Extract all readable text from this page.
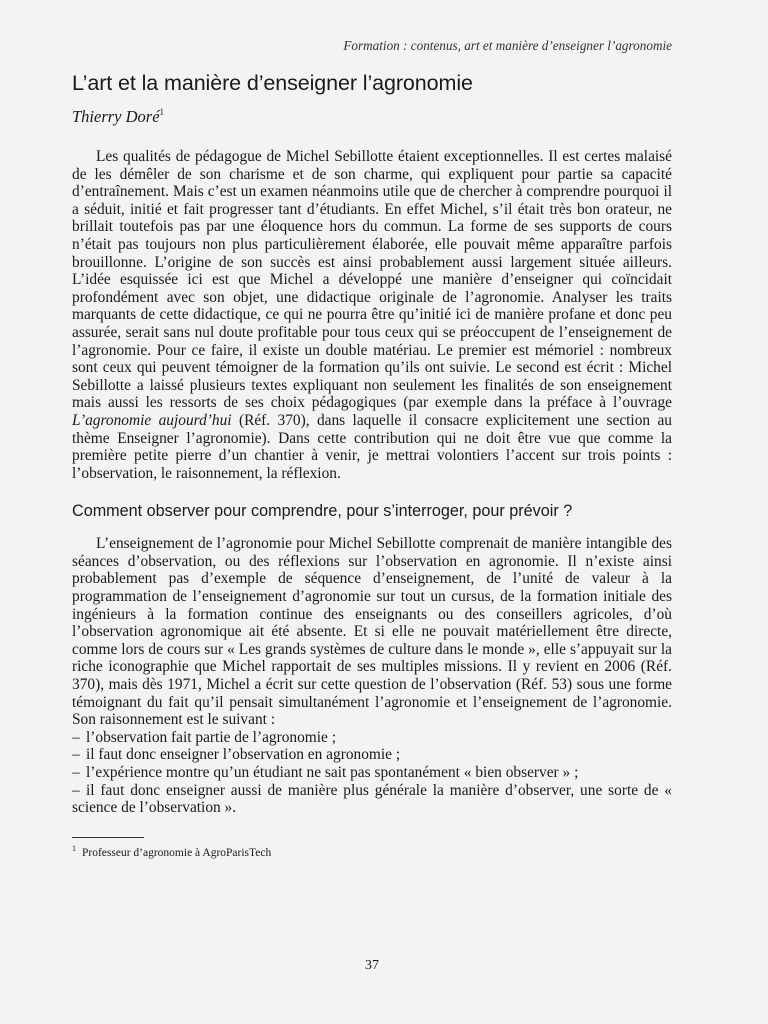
Formation : contenus, art et manière d’enseigner l’agronomie

L’art et la manière d’enseigner l’agronomie

Thierry Doré$^1$

Les qualités de pédagogue de Michel Sebillotte étaient exceptionnelles. Il est certes malaisé de les démêler de son charisme et de son charme, qui expliquent pour partie sa capacité d’entraînement. Mais c’est un examen néanmoins utile que de chercher à comprendre pourquoi il a séduit, initié et fait progresser tant d’étudiants. En effet Michel, s’il était très bon orateur, ne brillait toutefois pas par une éloquence hors du commun. La forme de ses supports de cours n’était pas toujours non plus particulièrement élaborée, elle pouvait même apparaître parfois brouillonne. L’origine de son succès est ainsi probablement aussi largement située ailleurs. L’idée esquissée ici est que Michel a développé une manière d’enseigner qui coïncidait profondément avec son objet, une didactique originale de l’agronomie. Analyser les traits marquants de cette didactique, ce qui ne pourra être qu’initié ici de manière profane et donc peu assurée, serait sans nul doute profitable pour tous ceux qui se préoccupent de l’enseignement de l’agronomie. Pour ce faire, il existe un double matériau. Le premier est mémoriel : nombreux sont ceux qui peuvent témoigner de la formation qu’ils ont suivie. Le second est écrit : Michel Sebillotte a laissé plusieurs textes expliquant non seulement les finalités de son enseignement mais aussi les ressorts de ses choix pédagogiques (par exemple dans la préface à l’ouvrage L’agronomie aujourd’hui (Réf. 370), dans laquelle il consacre explicitement une section au thème Enseigner l’agronomie). Dans cette contribution qui ne doit être vue que comme la première petite pierre d’un chantier à venir, je mettrai volontiers l’accent sur trois points : l’observation, le raisonnement, la réflexion.

Comment observer pour comprendre, pour s’interroger, pour prévoir ?

L’enseignement de l’agronomie pour Michel Sebillotte comprenait de manière intangible des séances d’observation, ou des réflexions sur l’observation en agronomie. Il n’existe ainsi probablement pas d’exemple de séquence d’enseignement, de l’unité de valeur à la programmation de l’enseignement d’agronomie sur tout un cursus, de la formation initiale des ingénieurs à la formation continue des enseignants ou des conseillers agricoles, d’où l’observation agronomique ait été absente. Et si elle ne pouvait matériellement être directe, comme lors de cours sur « Les grands systèmes de culture dans le monde », elle s’appuyait sur la riche iconographie que Michel rapportait de ses multiples missions. Il y revient en 2006 (Réf. 370), mais dès 1971, Michel a écrit sur cette question de l’observation (Réf. 53) sous une forme témoignant du fait qu’il pensait simultanément l’agronomie et l’enseignement de l’agronomie. Son raisonnement est le suivant :

– l’observation fait partie de l’agronomie ;
– il faut donc enseigner l’observation en agronomie ;
– l’expérience montre qu’un étudiant ne sait pas spontanément « bien observer » ;
– il faut donc enseigner aussi de manière plus générale la manière d’observer, une sorte de « science de l’observation ».
$^1$ Professeur d’agronomie à AgroParisTech
37
